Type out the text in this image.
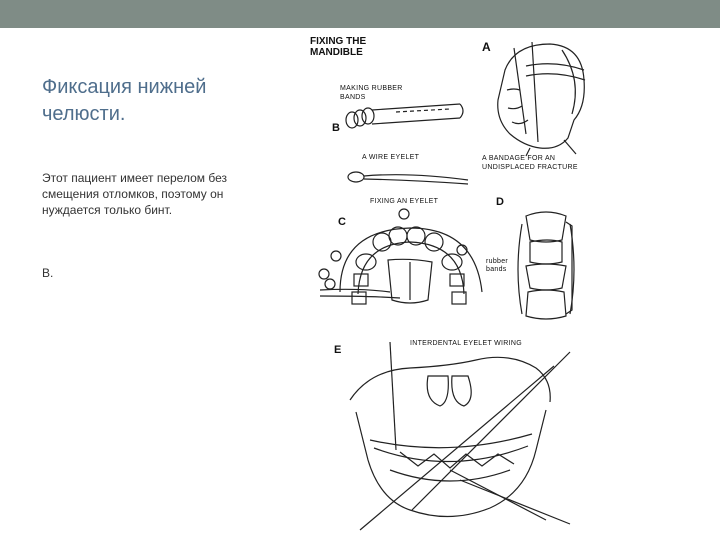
Фиксация нижней челюсти.
Этот пациент имеет перелом без смещения отломков, поэтому он нуждается только бинт.
В.
FIXING THE MANDIBLE	A
B
C
D
E
MAKING RUBBER BANDS
A WIRE EYELET	A BANDAGE FOR AN UNDISPLACED FRACTURE
FIXING AN EYELET
rubber bands
INTERDENTAL EYELET WIRING
